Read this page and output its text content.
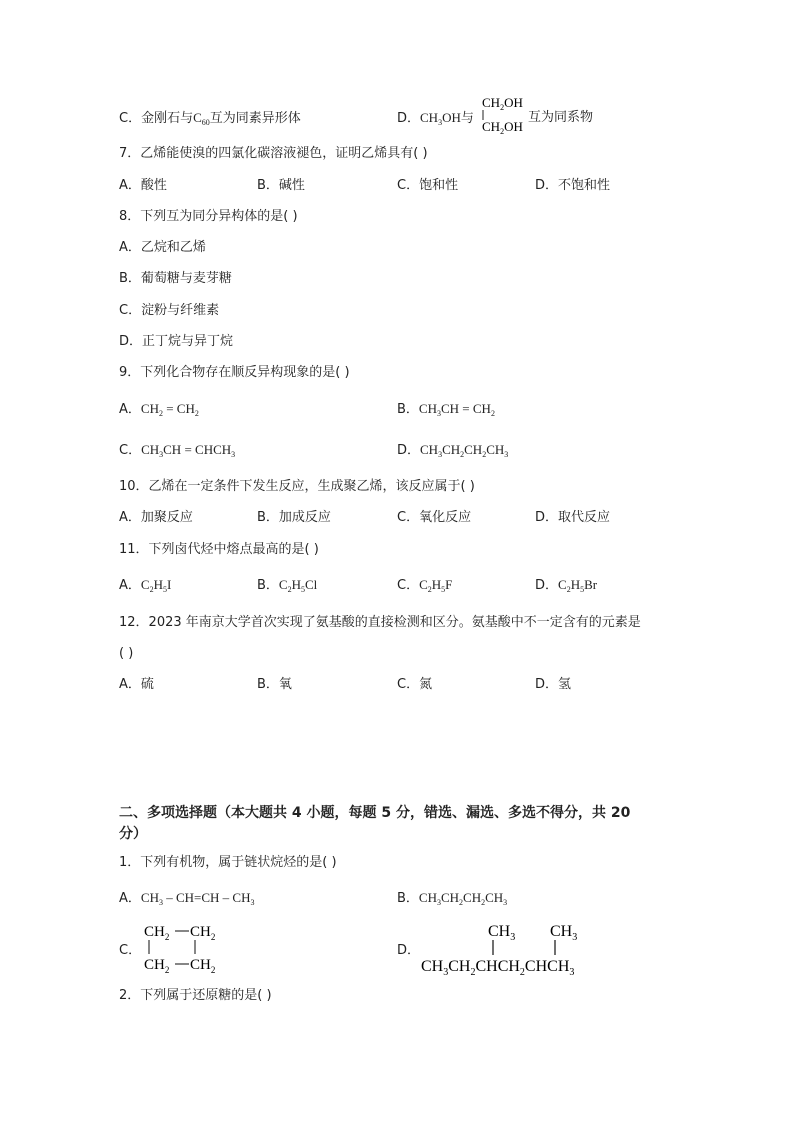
C．金刚石与$C_{60}$互为同素异形体	D．$CH_3OH$与
$CH_2OH$
$CH_2OH$
互为同系物
7．乙烯能使溴的四氯化碳溶液褪色，证明乙烯具有( )
A．酸性	B．碱性	C．饱和性	D．不饱和性
8．下列互为同分异构体的是( )
A．乙烷和乙烯
B．葡萄糖与麦芽糖
C．淀粉与纤维素
D．正丁烷与异丁烷
9．下列化合物存在顺反异构现象的是( )
A．$CH_2 = CH_2$	B．$CH_3CH = CH_2$
C．$CH_3CH$ = $CHCH_3$	D．$CH_3CH_2CH_2CH_3$
10．乙烯在一定条件下发生反应，生成聚乙烯，该反应属于( )
A．加聚反应	B．加成反应	C．氧化反应	D．取代反应
11．下列卤代烃中熔点最高的是( )
A．$C_2H_5I$	B．$C_2H_5Cl$	C．$C_2H_5F$	D．$C_2H_5Br$
12．2023 年南京大学首次实现了氨基酸的直接检测和区分。氨基酸中不一定含有的元素是
( )
A．硫	B．氧	C．氮	D．氢
二、多项选择题（本大题共 4 小题，每题 5 分，错选、漏选、多选不得分，共 20
分）
1．下列有机物，属于链状烷烃的是( )
A．$CH_3 - CH=CH - CH_3$	B．$CH_3CH_2CH_2CH_3$
C．
$CH_2$ $CH_2$
$CH_2$ $CH_2$
D．
$CH_3$ $CH_3$
$CH_3CH_2CHCH_2CHCH_3$
2．下列属于还原糖的是( )
